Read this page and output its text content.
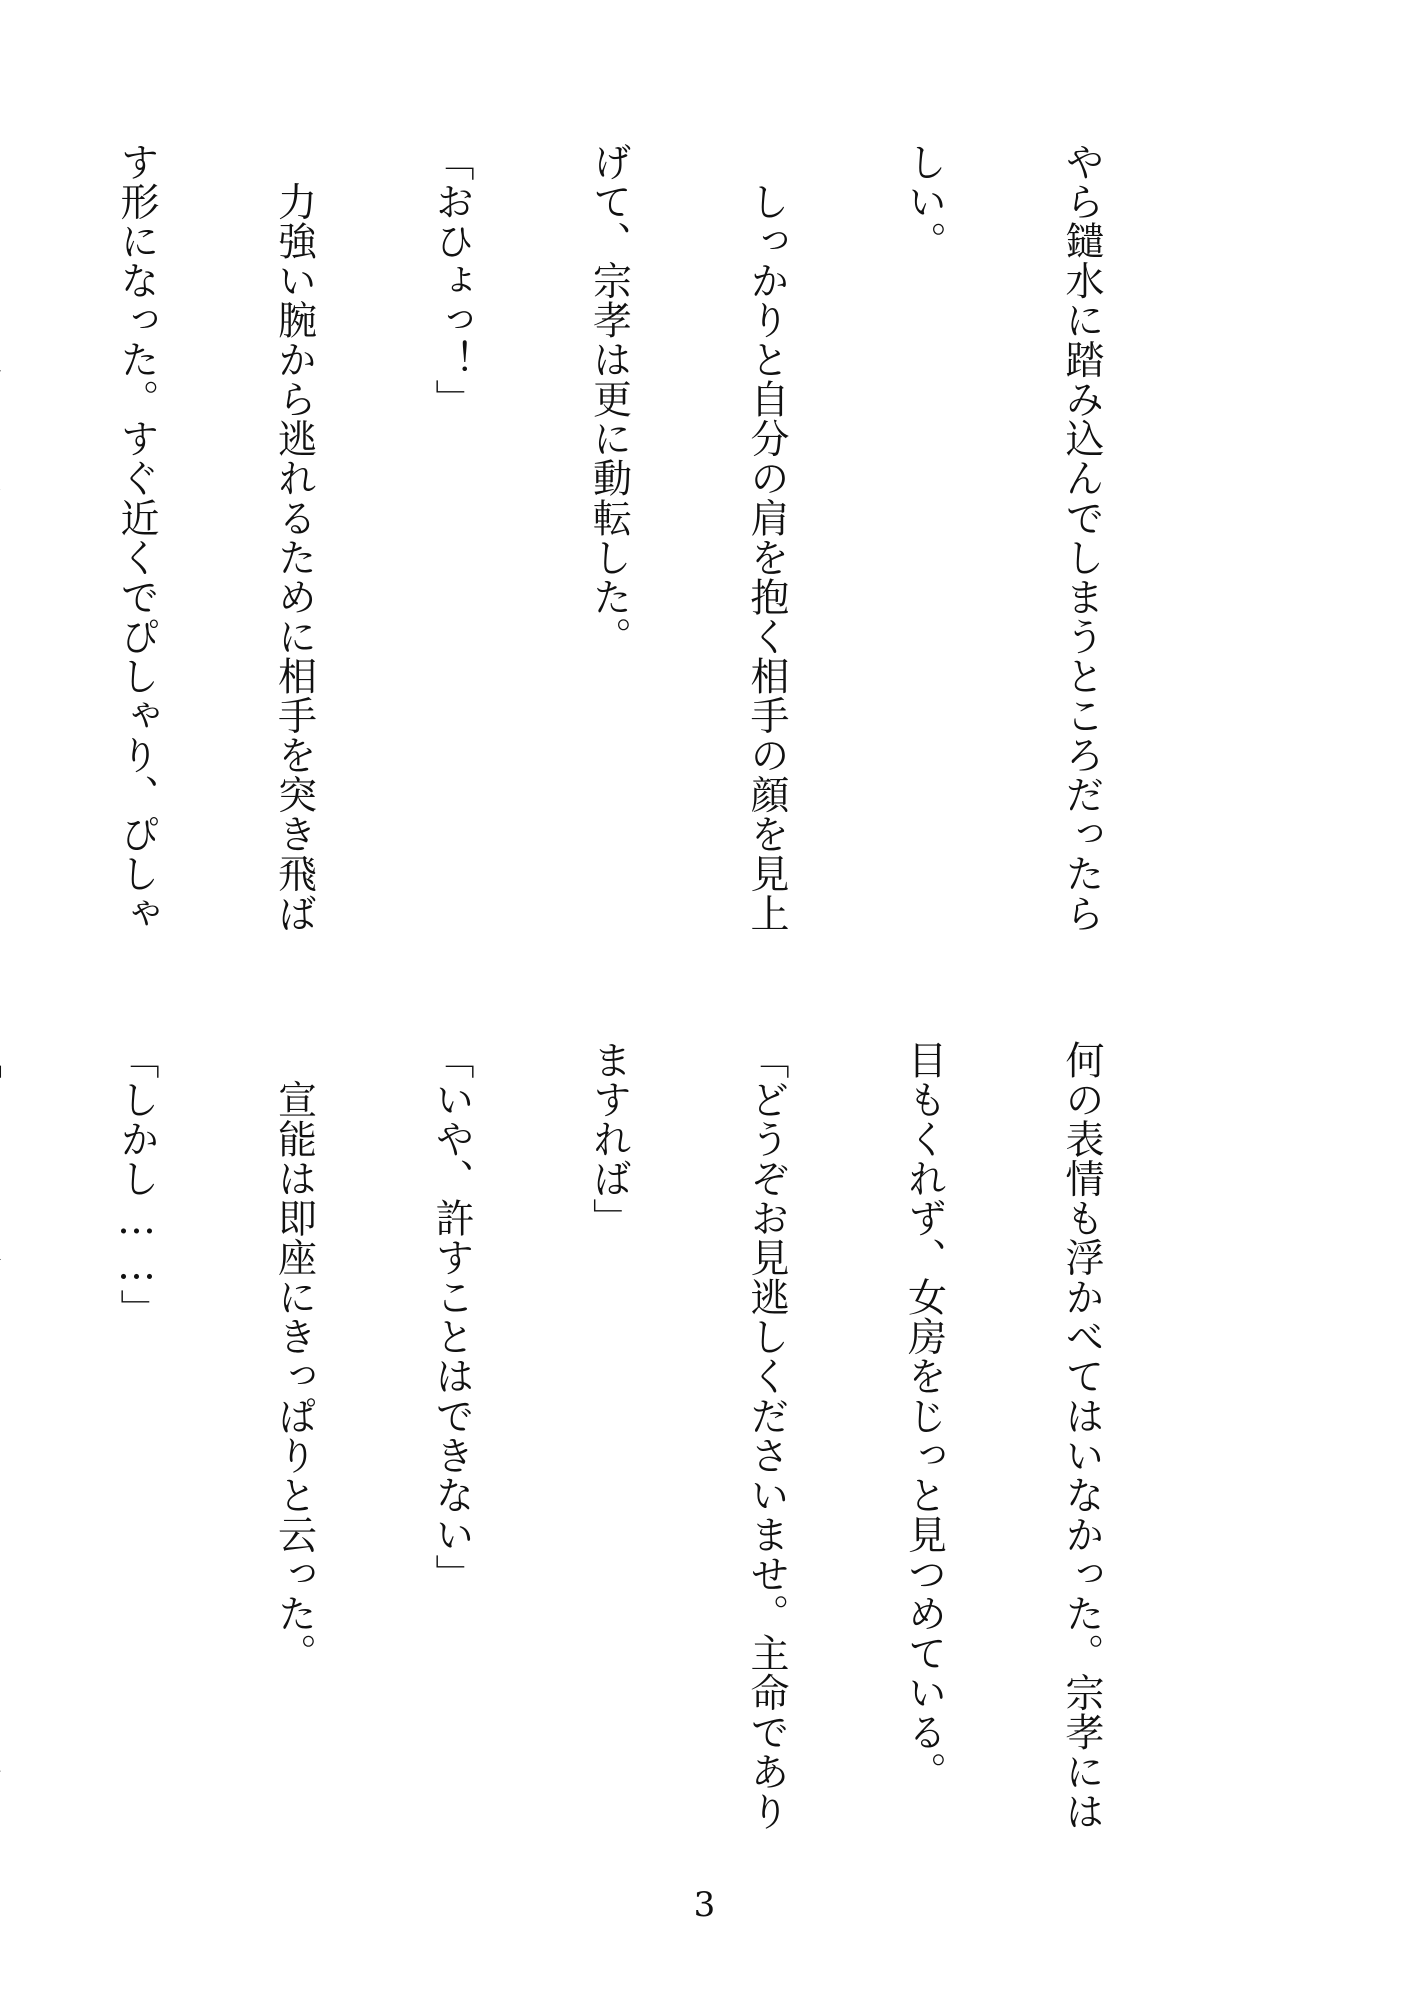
やら鑓水に踏み込んでしまうところだったら

しい。

　しっかりと自分の肩を抱く相手の顔を見上

げて、宗孝は更に動転した。

「おひょっ！」

　力強い腕から逃れるために相手を突き飛ば

す形になった。すぐ近くでぴしゃり、ぴしゃ

何の表情も浮かべてはいなかった。宗孝には

目もくれず、女房をじっと見つめている。

「どうぞお見逃しくださいませ。主命であり

ますれば」

「いや、許すことはできない」

　宣能は即座にきっぱりと云った。

「しかし……」

3
